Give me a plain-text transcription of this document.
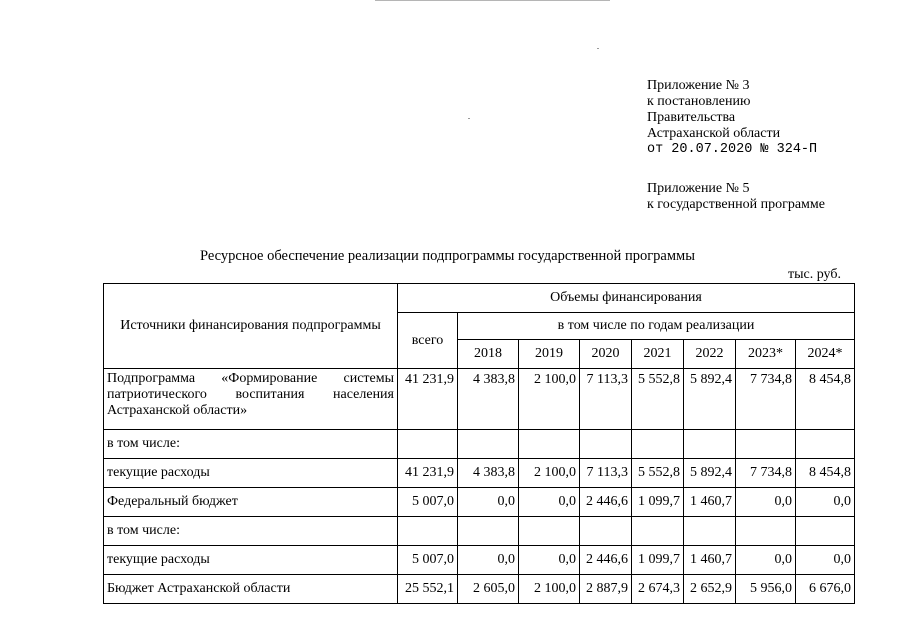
Приложение № 3
к постановлению
Правительства
Астраханской области
от 20.07.2020 № 324-П
Приложение № 5
к государственной программе
Ресурсное обеспечение реализации подпрограммы государственной программы
тыс. руб.
Источники финансирования подпрограммы	Объемы финансирования							
	всего	в том числе по годам реализации						
		2018	2019	2020	2021	2022	2023*	2024*
Подпрограмма «Формирование системы патриотического воспитания населения Астраханской области»	41 231,9	4 383,8	2 100,0	7 113,3	5 552,8	5 892,4	7 734,8	8 454,8
в том числе:								
текущие расходы	41 231,9	4 383,8	2 100,0	7 113,3	5 552,8	5 892,4	7 734,8	8 454,8
Федеральный бюджет	5 007,0	0,0	0,0	2 446,6	1 099,7	1 460,7	0,0	0,0
в том числе:								
текущие расходы	5 007,0	0,0	0,0	2 446,6	1 099,7	1 460,7	0,0	0,0
Бюджет Астраханской области	25 552,1	2 605,0	2 100,0	2 887,9	2 674,3	2 652,9	5 956,0	6 676,0
